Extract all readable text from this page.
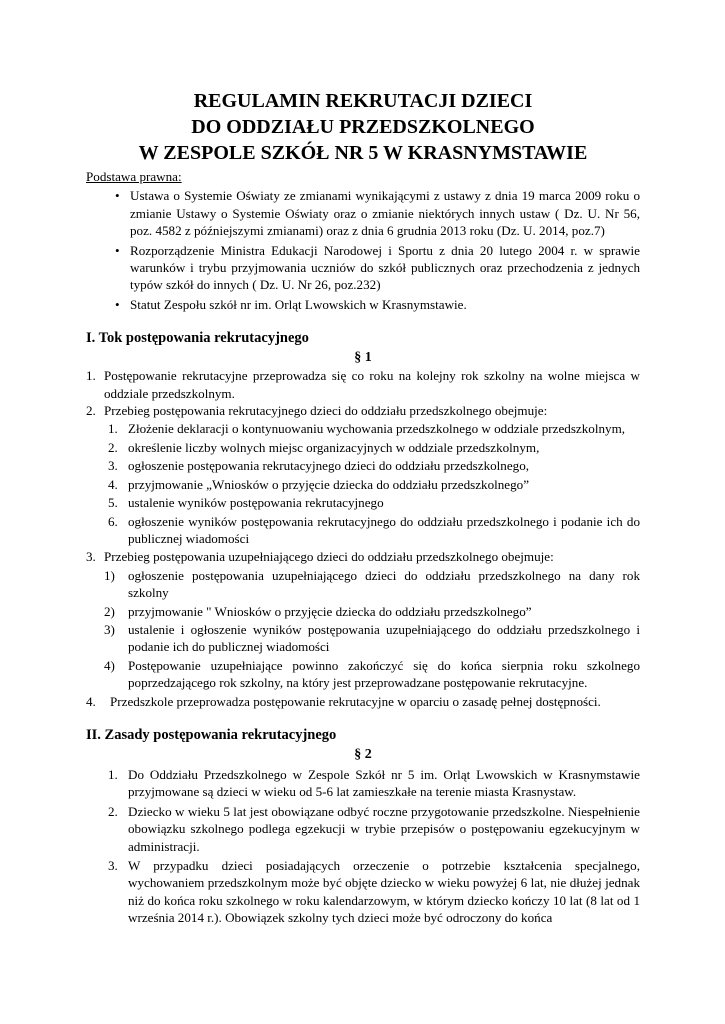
REGULAMIN REKRUTACJI DZIECI

DO ODDZIAŁU PRZEDSZKOLNEGO

W ZESPOLE SZKÓŁ NR 5 W KRASNYMSTAWIE

Podstawa prawna:
• Ustawa o Systemie Oświaty ze zmianami wynikającymi z ustawy z dnia 19 marca 2009 roku o zmianie Ustawy o Systemie Oświaty oraz o zmianie niektórych innych ustaw ( Dz. U. Nr 56, poz. 4582 z późniejszymi zmianami) oraz z dnia 6 grudnia 2013 roku (Dz. U. 2014, poz.7)
• Rozporządzenie Ministra Edukacji Narodowej i Sportu z dnia 20 lutego 2004 r. w sprawie warunków i trybu przyjmowania uczniów do szkół publicznych oraz przechodzenia z jednych typów szkół do innych ( Dz. U. Nr 26, poz.232)
• Statut Zespołu szkół nr im. Orląt Lwowskich w Krasnymstawie.
I. Tok postępowania rekrutacyjnego
§ 1
1. Postępowanie rekrutacyjne przeprowadza się co roku na kolejny rok szkolny na wolne miejsca w oddziale przedszkolnym.
2. Przebieg postępowania rekrutacyjnego dzieci do oddziału przedszkolnego obejmuje:
1. Złożenie deklaracji o kontynuowaniu wychowania przedszkolnego w oddziale przedszkolnym,
2. określenie liczby wolnych miejsc organizacyjnych w oddziale przedszkolnym,
3. ogłoszenie postępowania rekrutacyjnego dzieci do oddziału przedszkolnego,
4. przyjmowanie „Wniosków o przyjęcie dziecka do oddziału przedszkolnego”
5. ustalenie wyników postępowania rekrutacyjnego
6. ogłoszenie wyników postępowania rekrutacyjnego do oddziału przedszkolnego i podanie ich do publicznej wiadomości
3. Przebieg postępowania uzupełniającego dzieci do oddziału przedszkolnego obejmuje:
1) ogłoszenie postępowania uzupełniającego dzieci do oddziału przedszkolnego na dany rok szkolny
2) przyjmowanie " Wniosków o przyjęcie dziecka do oddziału przedszkolnego”
3) ustalenie i ogłoszenie wyników postępowania uzupełniającego do oddziału przedszkolnego i podanie ich do publicznej wiadomości
4) Postępowanie uzupełniające powinno zakończyć się do końca sierpnia roku szkolnego poprzedzającego rok szkolny, na który jest przeprowadzane postępowanie rekrutacyjne.
4.	Przedszkole przeprowadza postępowanie rekrutacyjne w oparciu o zasadę pełnej dostępności.
II. Zasady postępowania rekrutacyjnego
§ 2
1. Do Oddziału Przedszkolnego w Zespole Szkół nr 5 im. Orląt Lwowskich w Krasnymstawie przyjmowane są dzieci w wieku od 5-6 lat zamieszkałe na terenie miasta Krasnystaw.
2. Dziecko w wieku 5 lat jest obowiązane odbyć roczne przygotowanie przedszkolne. Niespełnienie obowiązku szkolnego podlega egzekucji w trybie przepisów o postępowaniu egzekucyjnym w administracji.
3. W przypadku dzieci posiadających orzeczenie o potrzebie kształcenia specjalnego, wychowaniem przedszkolnym może być objęte dziecko w wieku powyżej 6 lat, nie dłużej jednak niż do końca roku szkolnego w roku kalendarzowym, w którym dziecko kończy 10 lat (8 lat od 1 września 2014 r.). Obowiązek szkolny tych dzieci może być odroczony do końca
